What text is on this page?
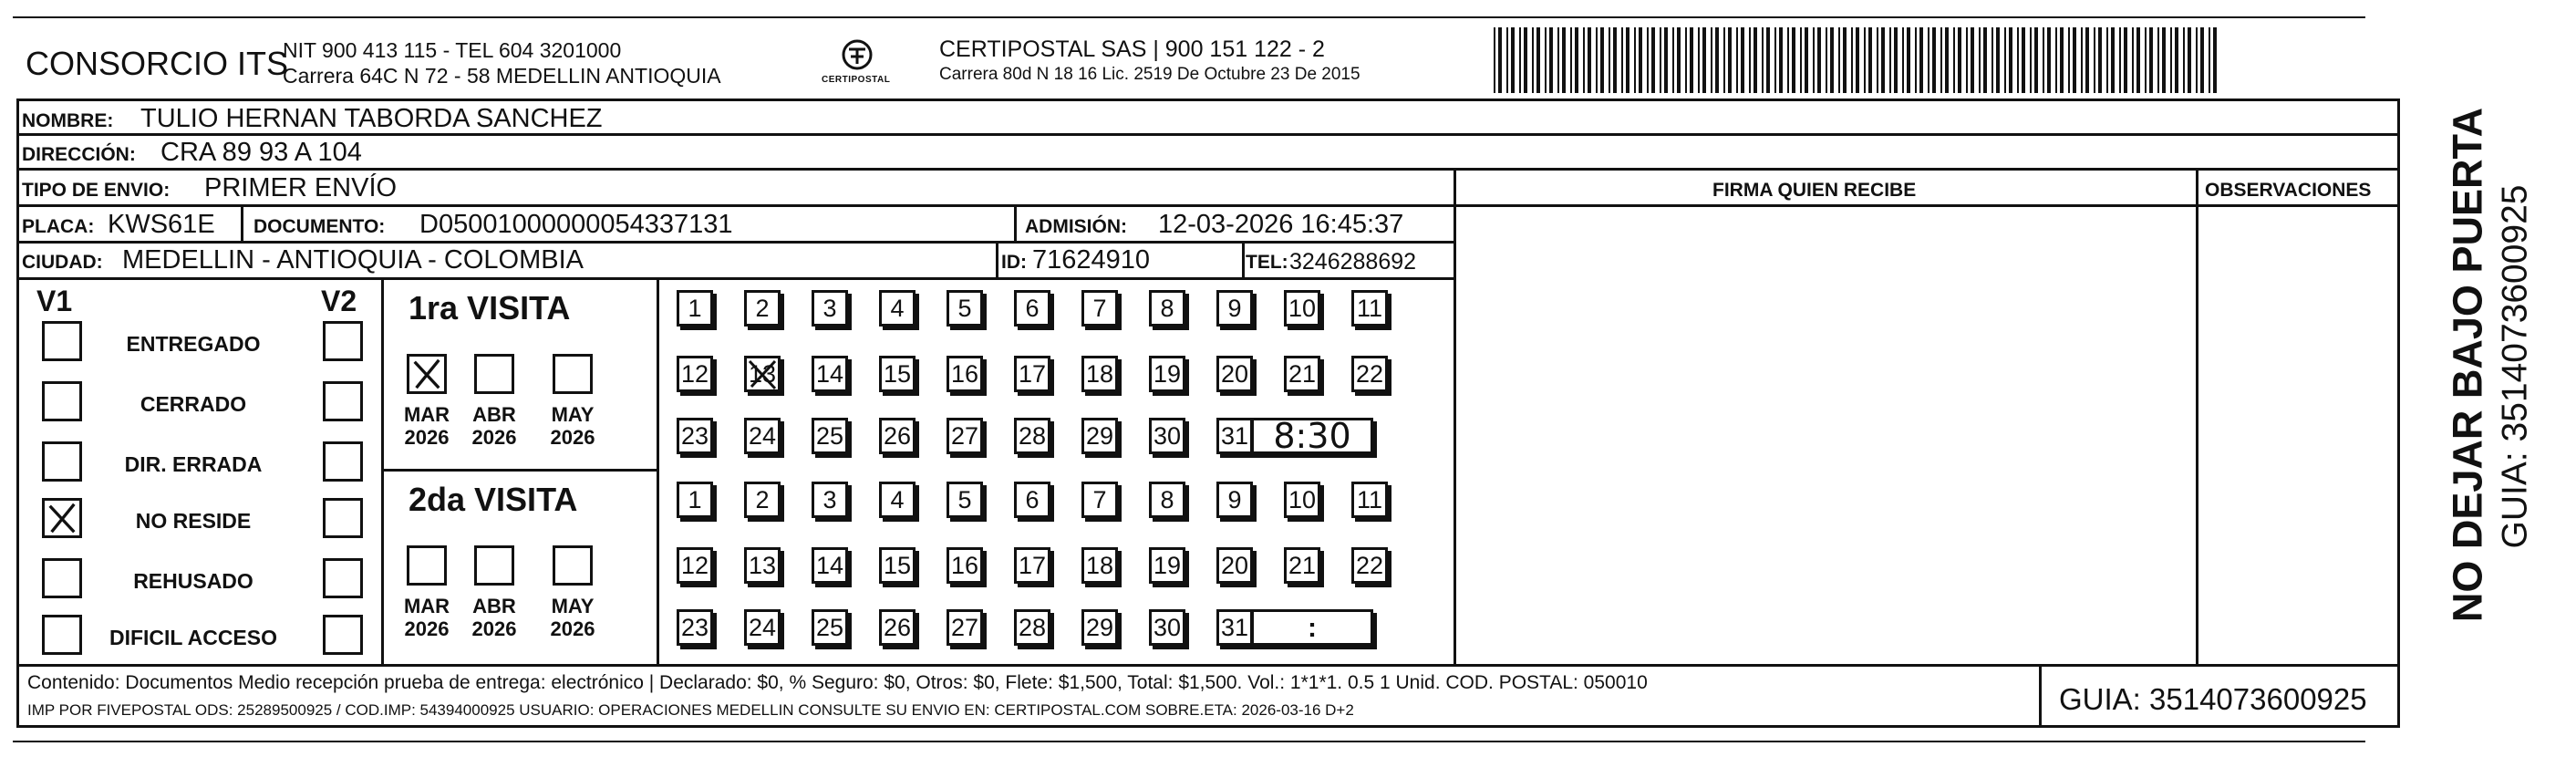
CONSORCIO ITS
NIT 900 413 115 - TEL 604 3201000
Carrera 64C N 72 - 58 MEDELLIN ANTIOQUIA	CERTIPOSTAL
CERTIPOSTAL SAS | 900 151 122 - 2
Carrera 80d N 18 16 Lic. 2519 De Octubre 23 De 2015
NOMBRE: TULIO HERNAN TABORDA SANCHEZ
DIRECCIÓN: CRA 89 93 A 104
TIPO DE ENVIO: PRIMER ENVÍO	FIRMA QUIEN RECIBE	OBSERVACIONES
PLACA: KWS61E DOCUMENTO: D050010000000543371​31	ADMISIÓN: 12-03-2026 16:45:37
CIUDAD: MEDELLIN - ANTIOQUIA - COLOMBIA	ID: 71624910	TEL: 3246288692
V1	V2
ENTREGADO
CERRADO
DIR. ERRADA
NO RESIDE
REHUSADO
DIFICIL ACCESO
1ra VISITA
MAR
2026
ABR
2026
MAY
2026
1	2	3	4	5	6	7	8	9	10 11
12 13 14 15 16 17 18 19 20 21 22
23 24 25 26 27 28 29 30 31 8:30
2da VISITA
MAR
2026
ABR
2026
MAY
2026
1	2	3	4	5	6	7	8	9	10 11
12 13 14 15 16 17 18 19 20 21 22
23 24 25 26 27 28 29 30 31	:
Contenido: Documentos Medio recepción prueba de entrega: electrónico | Declarado: $0, % Seguro: $0, Otros: $0, Flete: $1,500, Total: $1,500. Vol.: 1*1*1. 0.5 1 Unid. COD. POSTAL: 050010
IMP POR FIVEPOSTAL ODS: 25289500925 / COD.IMP: 54394000925 USUARIO: OPERACIONES MEDELLIN CONSULTE SU ENVIO EN: CERTIPOSTAL.COM SOBRE.ETA: 2026-03-16 D+2	GUIA: 3514073600925
NO DEJAR BAJO PUERTA GUIA: 3514073600925
